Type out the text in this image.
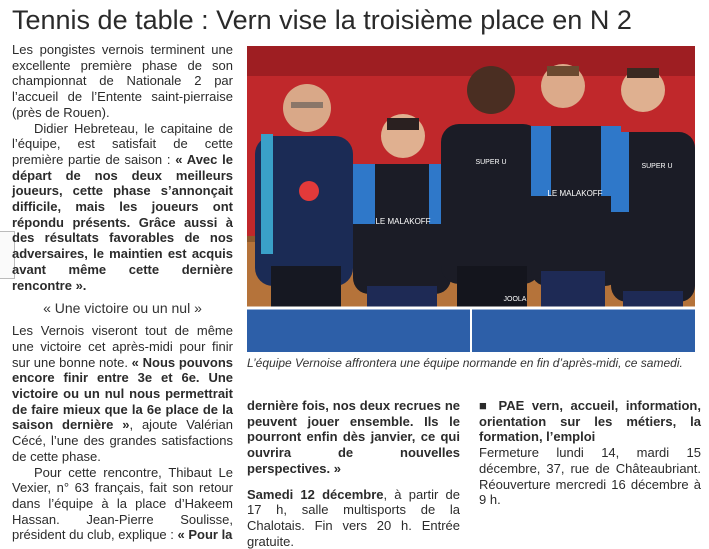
Tennis de table : Vern vise la troisième place en N 2

Les pongistes vernois terminent une excellente première phase de son championnat de Nationale 2 par l’accueil de l’Entente saint-pierraise (près de Rouen).

Didier Hebreteau, le capitaine de l’équipe, est satisfait de cette première partie de saison : « Avec le départ de nos deux meilleurs joueurs, cette phase s’annonçait difficile, mais les joueurs ont répondu présents. Grâce aussi à des résultats favorables de nos adversaires, le maintien est acquis avant même cette dernière rencontre ».

« Une victoire ou un nul »

Les Vernois viseront tout de même une victoire cet après-midi pour finir sur une bonne note. « Nous pouvons encore finir entre 3e et 6e. Une victoire ou un nul nous permettrait de faire mieux que la 6e place de la saison dernière », ajoute Valérian Cécé, l’une des grandes satisfactions de cette phase.

Pour cette rencontre, Thibaut Le Vexier, n° 63 français, fait son retour dans l’équipe à la place d’Hakeem Hassan. Jean-Pierre Soulisse, président du club, explique : « Pour la

LE MALAKOFF
SUPER U
JOOLA
LE MALAKOFF
SUPER U
L’équipe Vernoise affrontera une équipe normande en fin d’après-midi, ce samedi.

dernière fois, nos deux recrues ne peuvent jouer ensemble. Ils le pourront enfin dès janvier, ce qui ouvrira de nouvelles perspectives. »

Samedi 12 décembre, à partir de 17 h, salle multisports de la Chalotais. Fin vers 20 h. Entrée gratuite.

■ PAE vern, accueil, information, orientation sur les métiers, la formation, l’emploi

Fermeture lundi 14, mardi 15 décembre, 37, rue de Châteaubriant. Réouverture mercredi 16 décembre à 9 h.
